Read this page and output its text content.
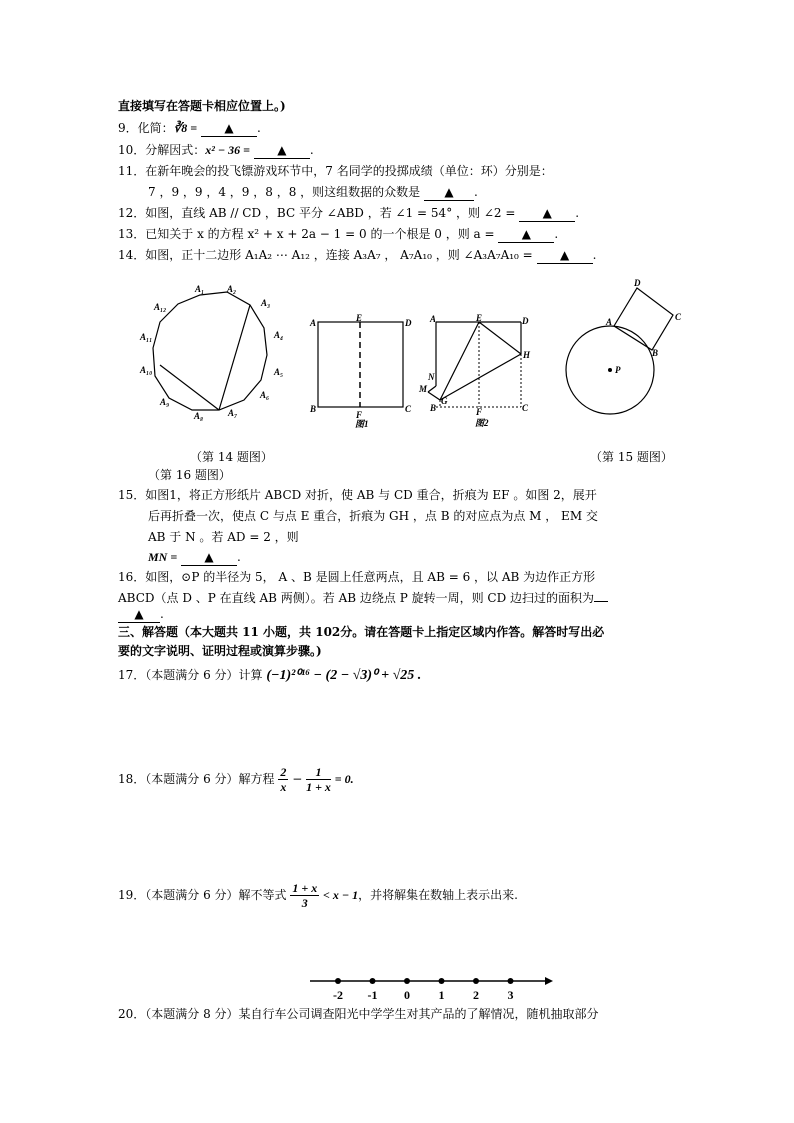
直接填写在答题卡相应位置上。)
9．化简：∛8 = ▲ .
10．分解因式：x² − 36 = ▲ .
11．在新年晚会的投飞镖游戏环节中，7 名同学的投掷成绩（单位：环）分别是：
7 ，9 ，9 ，4 ，9 ，8 ，8 ，则这组数据的众数是 ▲ .
12．如图，直线 AB // CD ，BC 平分 ∠ABD ，若 ∠1 = 54° ，则 ∠2 = ▲ .
13．已知关于 x 的方程 x² + x + 2a − 1 = 0 的一个根是 0 ，则 a = ▲ .
14．如图，正十二边形 A₁A₂ ⋯ A₁₂ ，连接 A₃A₇ ， A₇A₁₀ ，则 ∠A₃A₇A₁₀ = ▲ .
A₁	A₂
A₃
A₄
A₅
A₆
A₇
A₈
A₉
A₁₀
A₁₁
A₁₂
A	E	D
B
F
C
图1
A	E	D
H
N
M
G
B	F	C
图2
D
A	C
B
P
（第 14 题图）	（第 15 题图）
（第 16 题图）
15．如图1，将正方形纸片 ABCD 对折，使 AB 与 CD 重合，折痕为 EF 。如图 2，展开
后再折叠一次，使点 C 与点 E 重合，折痕为 GH ，点 B 的对应点为点 M ， EM 交
AB 于 N 。若 AD = 2 ，则
MN = ▲ .
16．如图，⊙P 的半径为 5， A 、B 是圆上任意两点，且 AB = 6 ，以 AB 为边作正方形
ABCD（点 D 、P 在直线 AB 两侧）。若 AB 边绕点 P 旋转一周，则 CD 边扫过的面积为
▲ .
三、解答题（本大题共 11 小题，共 102分。请在答题卡上指定区域内作答。解答时写出必
要的文字说明、证明过程或演算步骤。)
17．（本题满分 6 分）计算 (−1)²⁰¹⁶ − (2 − √3)⁰ + √25 .
18．（本题满分 6 分）解方程 $\frac{2}{x} - \frac{1}{1 + x} = 0$.
19．（本题满分 6 分）解不等式 $\frac{1 + x}{3} < x - 1$，并将解集在数轴上表示出来.
-2 -1 0 1 2 3
20．（本题满分 8 分）某自行车公司调查阳光中学学生对其产品的了解情况，随机抽取部分
